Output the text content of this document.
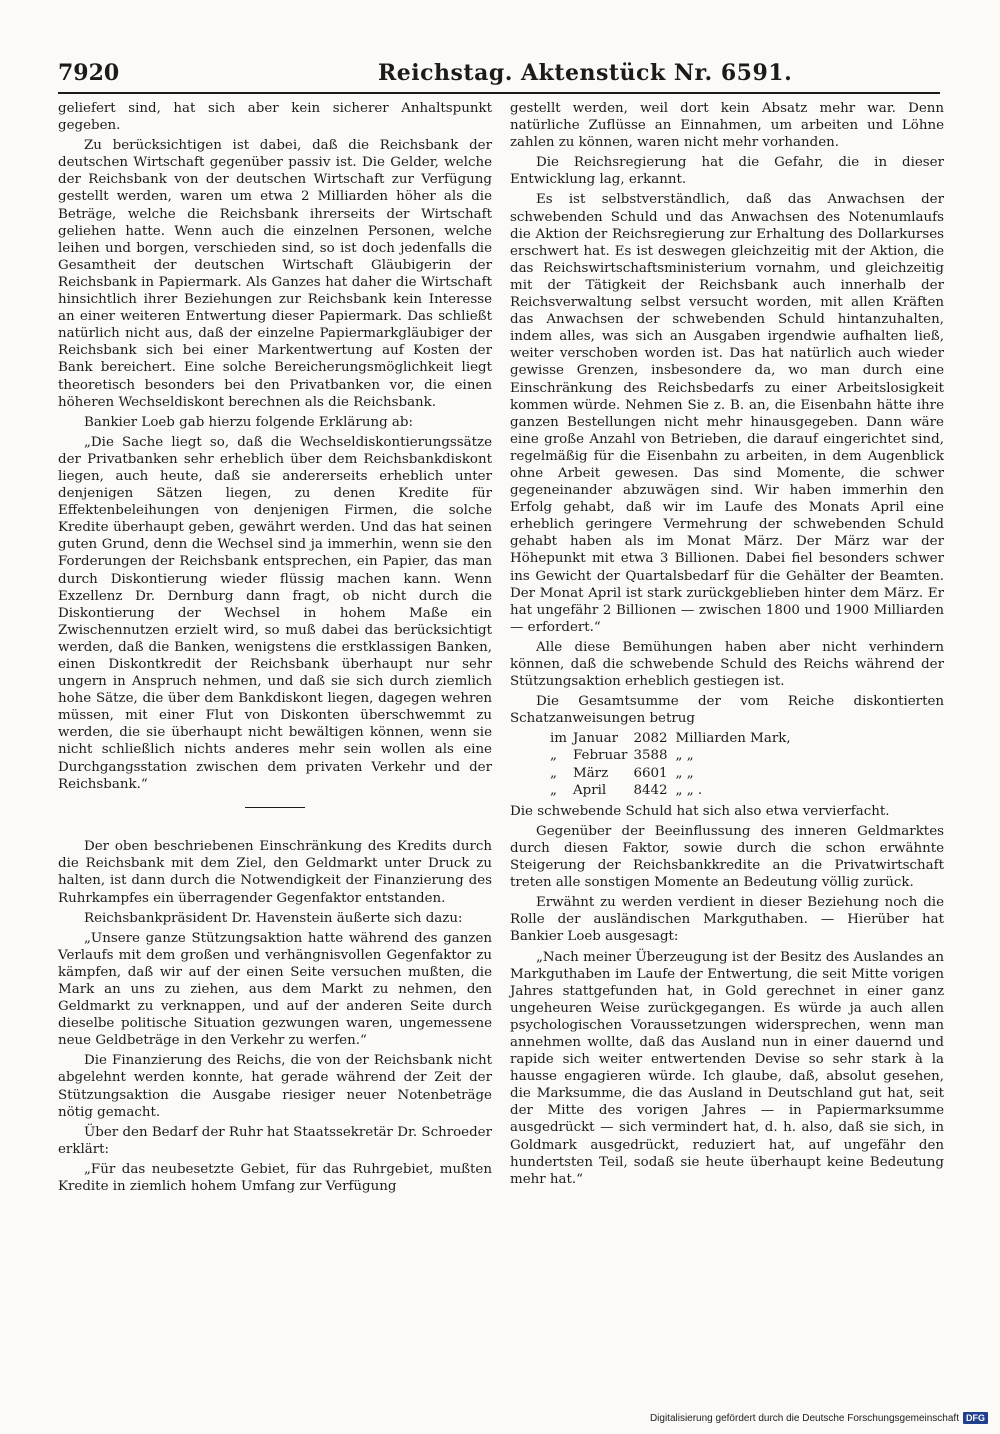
7920	Reichstag. Aktenstück Nr. 6591.

geliefert sind, hat sich aber kein sicherer Anhaltspunkt gegeben.

Zu berücksichtigen ist dabei, daß die Reichsbank der deutschen Wirtschaft gegenüber passiv ist. Die Gelder, welche der Reichsbank von der deutschen Wirtschaft zur Verfügung gestellt werden, waren um etwa 2 Milliarden höher als die Beträge, welche die Reichsbank ihrerseits der Wirtschaft geliehen hatte. Wenn auch die einzelnen Personen, welche leihen und borgen, verschieden sind, so ist doch jedenfalls die Gesamtheit der deutschen Wirtschaft Gläubigerin der Reichsbank in Papiermark. Als Ganzes hat daher die Wirtschaft hinsichtlich ihrer Beziehungen zur Reichsbank kein Interesse an einer weiteren Entwertung dieser Papiermark. Das schließt natürlich nicht aus, daß der einzelne Papiermarkgläubiger der Reichsbank sich bei einer Markentwertung auf Kosten der Bank bereichert. Eine solche Bereicherungsmöglichkeit liegt theoretisch besonders bei den Privatbanken vor, die einen höheren Wechseldiskont berechnen als die Reichsbank.

Bankier Loeb gab hierzu folgende Erklärung ab:

„Die Sache liegt so, daß die Wechseldiskontierungssätze der Privatbanken sehr erheblich über dem Reichsbankdiskont liegen, auch heute, daß sie andererseits erheblich unter denjenigen Sätzen liegen, zu denen Kredite für Effektenbeleihungen von denjenigen Firmen, die solche Kredite überhaupt geben, gewährt werden. Und das hat seinen guten Grund, denn die Wechsel sind ja immerhin, wenn sie den Forderungen der Reichsbank entsprechen, ein Papier, das man durch Diskontierung wieder flüssig machen kann. Wenn Exzellenz Dr. Dernburg dann fragt, ob nicht durch die Diskontierung der Wechsel in hohem Maße ein Zwischennutzen erzielt wird, so muß dabei das berücksichtigt werden, daß die Banken, wenigstens die erstklassigen Banken, einen Diskontkredit der Reichsbank überhaupt nur sehr ungern in Anspruch nehmen, und daß sie sich durch ziemlich hohe Sätze, die über dem Bankdiskont liegen, dagegen wehren müssen, mit einer Flut von Diskonten überschwemmt zu werden, die sie überhaupt nicht bewältigen können, wenn sie nicht schließlich nichts anderes mehr sein wollen als eine Durchgangsstation zwischen dem privaten Verkehr und der Reichsbank.“

Der oben beschriebenen Einschränkung des Kredits durch die Reichsbank mit dem Ziel, den Geldmarkt unter Druck zu halten, ist dann durch die Notwendigkeit der Finanzierung des Ruhrkampfes ein überragender Gegenfaktor entstanden.

Reichsbankpräsident Dr. Havenstein äußerte sich dazu:

„Unsere ganze Stützungsaktion hatte während des ganzen Verlaufs mit dem großen und verhängnisvollen Gegenfaktor zu kämpfen, daß wir auf der einen Seite versuchen mußten, die Mark an uns zu ziehen, aus dem Markt zu nehmen, den Geldmarkt zu verknappen, und auf der anderen Seite durch dieselbe politische Situation gezwungen waren, ungemessene neue Geldbeträge in den Verkehr zu werfen.“

Die Finanzierung des Reichs, die von der Reichsbank nicht abgelehnt werden konnte, hat gerade während der Zeit der Stützungsaktion die Ausgabe riesiger neuer Notenbeträge nötig gemacht.

Über den Bedarf der Ruhr hat Staatssekretär Dr. Schroeder erklärt:

„Für das neubesetzte Gebiet, für das Ruhrgebiet, mußten Kredite in ziemlich hohem Umfang zur Verfügung

gestellt werden, weil dort kein Absatz mehr war. Denn natürliche Zuflüsse an Einnahmen, um arbeiten und Löhne zahlen zu können, waren nicht mehr vorhanden.

Die Reichsregierung hat die Gefahr, die in dieser Entwicklung lag, erkannt.

Es ist selbstverständlich, daß das Anwachsen der schwebenden Schuld und das Anwachsen des Notenumlaufs die Aktion der Reichsregierung zur Erhaltung des Dollarkurses erschwert hat. Es ist deswegen gleichzeitig mit der Aktion, die das Reichswirtschaftsministerium vornahm, und gleichzeitig mit der Tätigkeit der Reichsbank auch innerhalb der Reichsverwaltung selbst versucht worden, mit allen Kräften das Anwachsen der schwebenden Schuld hintanzuhalten, indem alles, was sich an Ausgaben irgendwie aufhalten ließ, weiter verschoben worden ist. Das hat natürlich auch wieder gewisse Grenzen, insbesondere da, wo man durch eine Einschränkung des Reichsbedarfs zu einer Arbeitslosigkeit kommen würde. Nehmen Sie z. B. an, die Eisenbahn hätte ihre ganzen Bestellungen nicht mehr hinausgegeben. Dann wäre eine große Anzahl von Betrieben, die darauf eingerichtet sind, regelmäßig für die Eisenbahn zu arbeiten, in dem Augenblick ohne Arbeit gewesen. Das sind Momente, die schwer gegeneinander abzuwägen sind. Wir haben immerhin den Erfolg gehabt, daß wir im Laufe des Monats April eine erheblich geringere Vermehrung der schwebenden Schuld gehabt haben als im Monat März. Der März war der Höhepunkt mit etwa 3 Billionen. Dabei fiel besonders schwer ins Gewicht der Quartalsbedarf für die Gehälter der Beamten. Der Monat April ist stark zurückgeblieben hinter dem März. Er hat ungefähr 2 Billionen — zwischen 1800 und 1900 Milliarden — erfordert.“

Alle diese Bemühungen haben aber nicht verhindern können, daß die schwebende Schuld des Reichs während der Stützungsaktion erheblich gestiegen ist.

Die Gesamtsumme der vom Reiche diskontierten Schatzanweisungen betrug

im	Januar	2082	Milliarden Mark,
„	Februar	3588	„ „
„	März	6601	„ „
„	April	8442	„ „ .

Die schwebende Schuld hat sich also etwa vervierfacht.

Gegenüber der Beeinflussung des inneren Geldmarktes durch diesen Faktor, sowie durch die schon erwähnte Steigerung der Reichsbankkredite an die Privatwirtschaft treten alle sonstigen Momente an Bedeutung völlig zurück.

Erwähnt zu werden verdient in dieser Beziehung noch die Rolle der ausländischen Markguthaben. — Hierüber hat Bankier Loeb ausgesagt:

„Nach meiner Überzeugung ist der Besitz des Auslandes an Markguthaben im Laufe der Entwertung, die seit Mitte vorigen Jahres stattgefunden hat, in Gold gerechnet in einer ganz ungeheuren Weise zurückgegangen. Es würde ja auch allen psychologischen Voraussetzungen widersprechen, wenn man annehmen wollte, daß das Ausland nun in einer dauernd und rapide sich weiter entwertenden Devise so sehr stark à la hausse engagieren würde. Ich glaube, daß, absolut gesehen, die Marksumme, die das Ausland in Deutschland gut hat, seit der Mitte des vorigen Jahres — in Papiermarksumme ausgedrückt — sich vermindert hat, d. h. also, daß sie sich, in Goldmark ausgedrückt, reduziert hat, auf ungefähr den hundertsten Teil, sodaß sie heute überhaupt keine Bedeutung mehr hat.“

Digitalisierung gefördert durch die Deutsche Forschungsgemeinschaft DFG
